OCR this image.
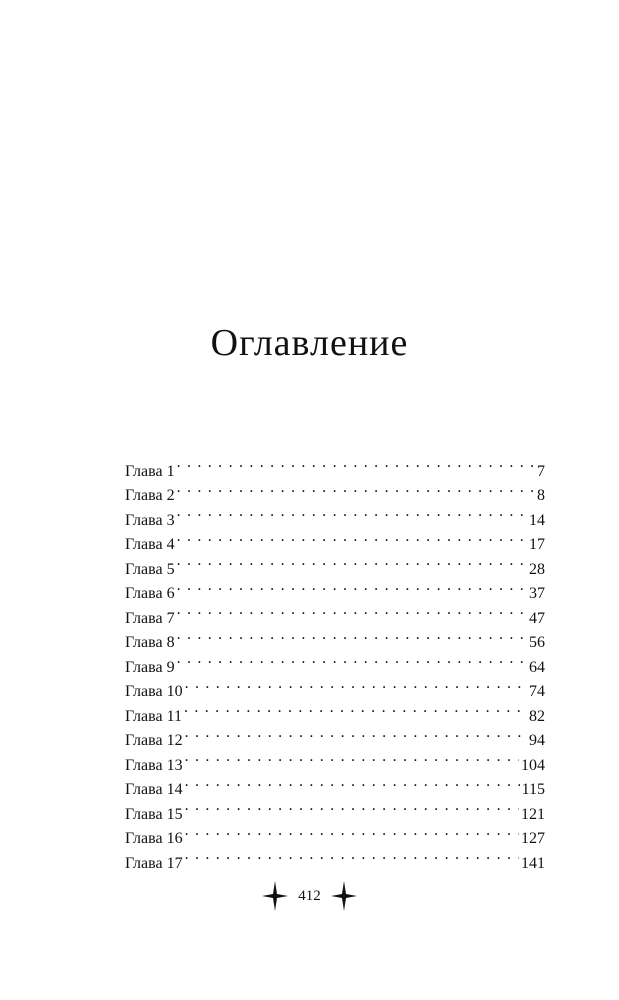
Оглавление
Глава 1 . . .	7
Глава 2 . . .	8
Глава 3 . . .	14
Глава 4 . . .	17
Глава 5 . . .	28
Глава 6 . . .	37
Глава 7 . . .	47
Глава 8 . . .	56
Глава 9 . . .	64
Глава 10 . . .	74
Глава 11 . . .	82
Глава 12 . . .	94
Глава 13 . . .	104
Глава 14 . . .	115
Глава 15 . . .	121
Глава 16 . . .	127
Глава 17 . . .	141
412
